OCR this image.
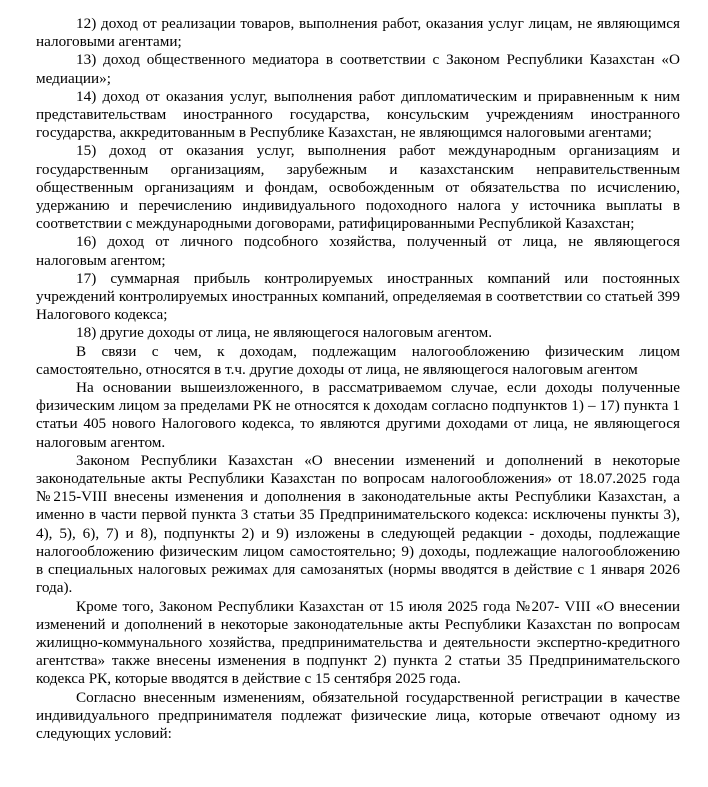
12) доход от реализации товаров, выполнения работ, оказания услуг лицам, не являющимся налоговыми агентами;

13) доход общественного медиатора в соответствии с Законом Республики Казахстан «О медиации»;

14) доход от оказания услуг, выполнения работ дипломатическим и приравненным к ним представительствам иностранного государства, консульским учреждениям иностранного государства, аккредитованным в Республике Казахстан, не являющимся налоговыми агентами;

15) доход от оказания услуг, выполнения работ международным организациям и государственным организациям, зарубежным и казахстанским неправительственным общественным организациям и фондам, освобожденным от обязательства по исчислению, удержанию и перечислению индивидуального подоходного налога у источника выплаты в соответствии с международными договорами, ратифицированными Республикой Казахстан;

16) доход от личного подсобного хозяйства, полученный от лица, не являющегося налоговым агентом;

17) суммарная прибыль контролируемых иностранных компаний или постоянных учреждений контролируемых иностранных компаний, определяемая в соответствии со статьей 399 Налогового кодекса;

18) другие доходы от лица, не являющегося налоговым агентом.

В связи с чем, к доходам, подлежащим налогообложению физическим лицом самостоятельно, относятся в т.ч. другие доходы от лица, не являющегося налоговым агентом

На основании вышеизложенного, в рассматриваемом случае, если доходы полученные физическим лицом за пределами РК не относятся к доходам согласно подпунктов 1) – 17) пункта 1 статьи 405 нового Налогового кодекса, то являются другими доходами от лица, не являющегося налоговым агентом.

Законом Республики Казахстан «О внесении изменений и дополнений в некоторые законодательные акты Республики Казахстан по вопросам налогообложения» от 18.07.2025 года №215-VIII внесены изменения и дополнения в законодательные акты Республики Казахстан, а именно в части первой пункта 3 статьи 35 Предпринимательского кодекса: исключены пункты 3), 4), 5), 6), 7) и 8), подпункты 2) и 9) изложены в следующей редакции - доходы, подлежащие налогообложению физическим лицом самостоятельно; 9) доходы, подлежащие налогообложению в специальных налоговых режимах для самозанятых (нормы вводятся в действие с 1 января 2026 года).

Кроме того, Законом Республики Казахстан от 15 июля 2025 года №207- VIII «О внесении изменений и дополнений в некоторые законодательные акты Республики Казахстан по вопросам жилищно-коммунального хозяйства, предпринимательства и деятельности экспертно-кредитного агентства» также внесены изменения в подпункт 2) пункта 2 статьи 35 Предпринимательского кодекса РК, которые вводятся в действие с 15 сентября 2025 года.

Согласно внесенным изменениям, обязательной государственной регистрации в качестве индивидуального предпринимателя подлежат физические лица, которые отвечают одному из следующих условий:
